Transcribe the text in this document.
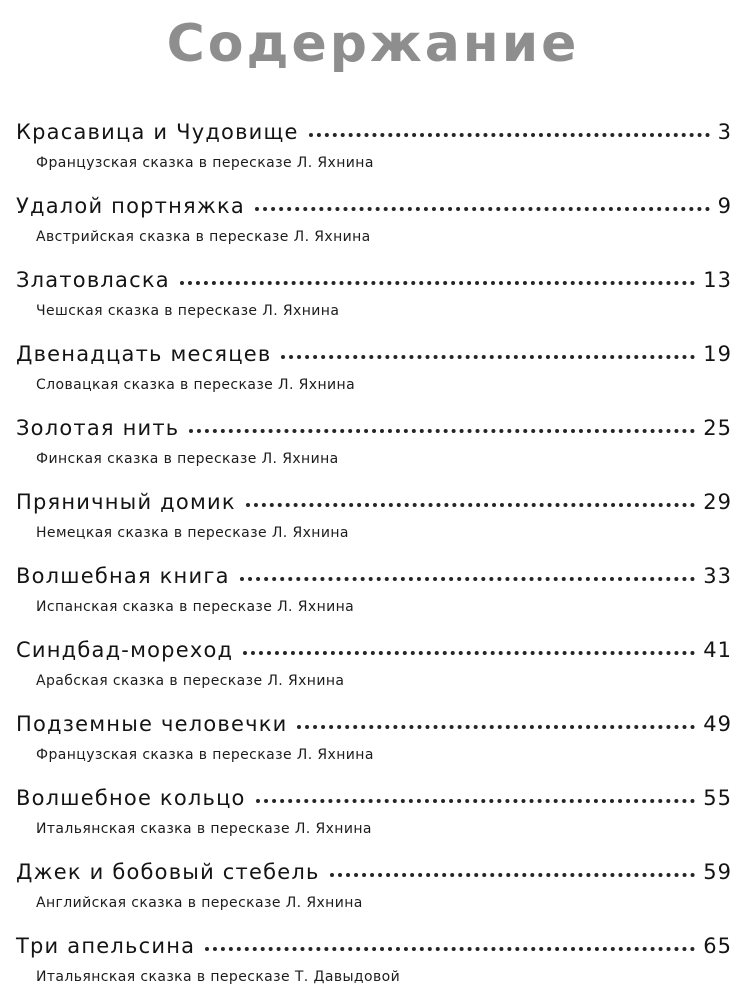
Содержание
Красавица и Чудовище	3
Французская сказка в пересказе Л. Яхнина
Удалой портняжка	9
Австрийская сказка в пересказе Л. Яхнина
Златовласка	13
Чешская сказка в пересказе Л. Яхнина
Двенадцать месяцев	19
Словацкая сказка в пересказе Л. Яхнина
Золотая нить	25
Финская сказка в пересказе Л. Яхнина
Пряничный домик	29
Немецкая сказка в пересказе Л. Яхнина
Волшебная книга	33
Испанская сказка в пересказе Л. Яхнина
Синдбад-мореход	41
Арабская сказка в пересказе Л. Яхнина
Подземные человечки	49
Французская сказка в пересказе Л. Яхнина
Волшебное кольцо	55
Итальянская сказка в пересказе Л. Яхнина
Джек и бобовый стебель	59
Английская сказка в пересказе Л. Яхнина
Три апельсина	65
Итальянская сказка в пересказе Т. Давыдовой
